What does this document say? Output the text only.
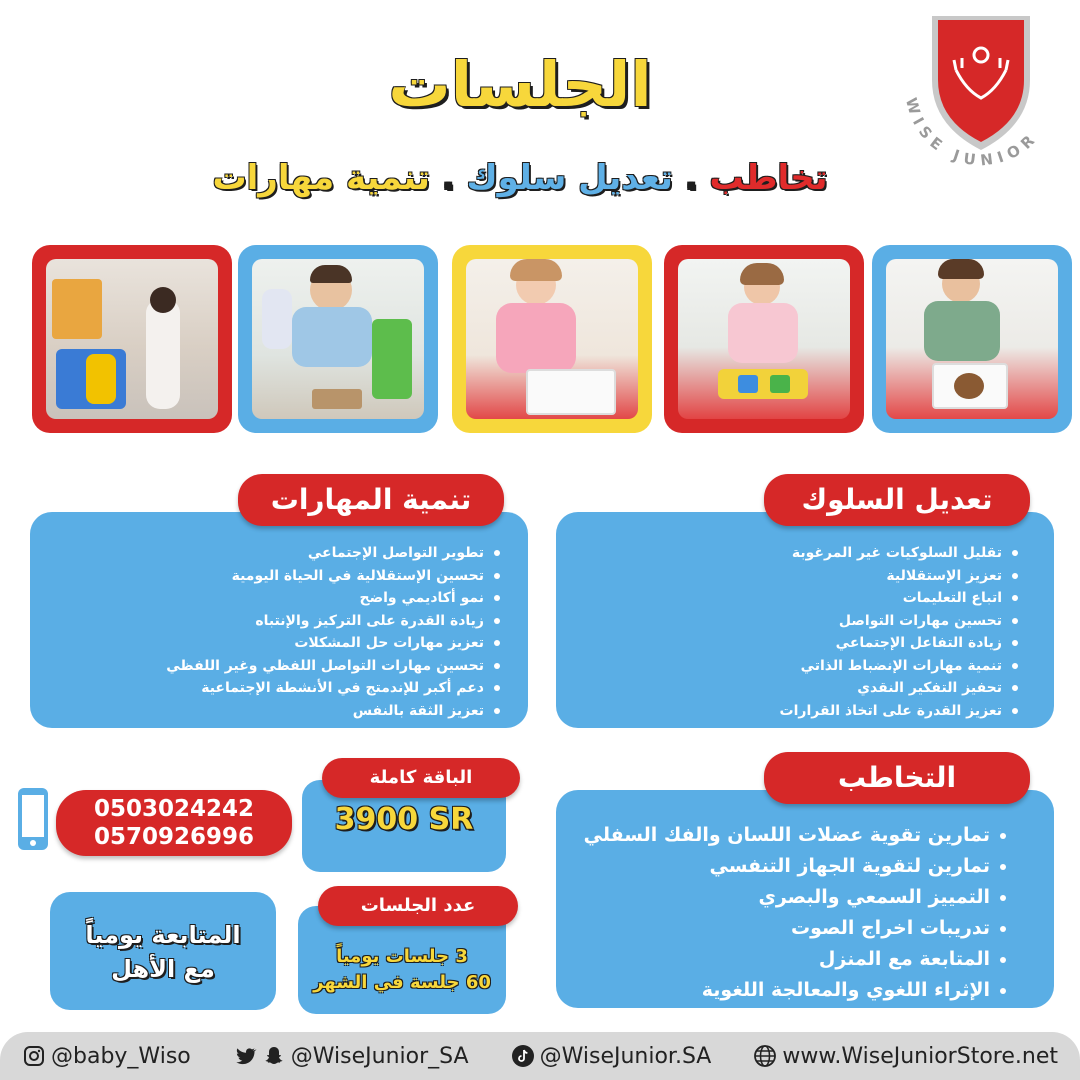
الجلسات
تخاطب . تعديل سلوك . تنمية مهارات
WISE JUNIOR
تقليل السلوكيات غير المرغوبة
تعزيز الإستقلالية
اتباع التعليمات
تحسين مهارات التواصل
زيادة التفاعل الإجتماعي
تنمية مهارات الإنضباط الذاتي
تحفيز التفكير النقدي
تعزيز القدرة على اتخاذ القرارات
تعديل السلوك
تطوير التواصل الإجتماعي
تحسين الإستقلالية في الحياة اليومية
نمو أكاديمي واضح
زيادة القدرة على التركيز والإنتباه
تعزيز مهارات حل المشكلات
تحسين مهارات التواصل اللفظي وغير اللفظي
دعم أكبر للإندمتج في الأنشطة الإجتماعية
تعزيز الثقة بالنفس
تنمية المهارات
تمارين تقوية عضلات اللسان والفك السفلي
تمارين لتقوية الجهاز التنفسي
التمييز السمعي والبصري
تدريبات اخراج الصوت
المتابعة مع المنزل
الإثراء اللغوي والمعالجة اللغوية
التخاطب
3900 SR
الباقة كاملة
3 جلسات يومياً
60 جلسة في الشهر
عدد الجلسات
0503024242
0570926996
المتابعة يومياً
مع الأهل
@baby_Wiso	@WiseJunior_SA	@WiseJunior.SA	www.WiseJuniorStore.net
